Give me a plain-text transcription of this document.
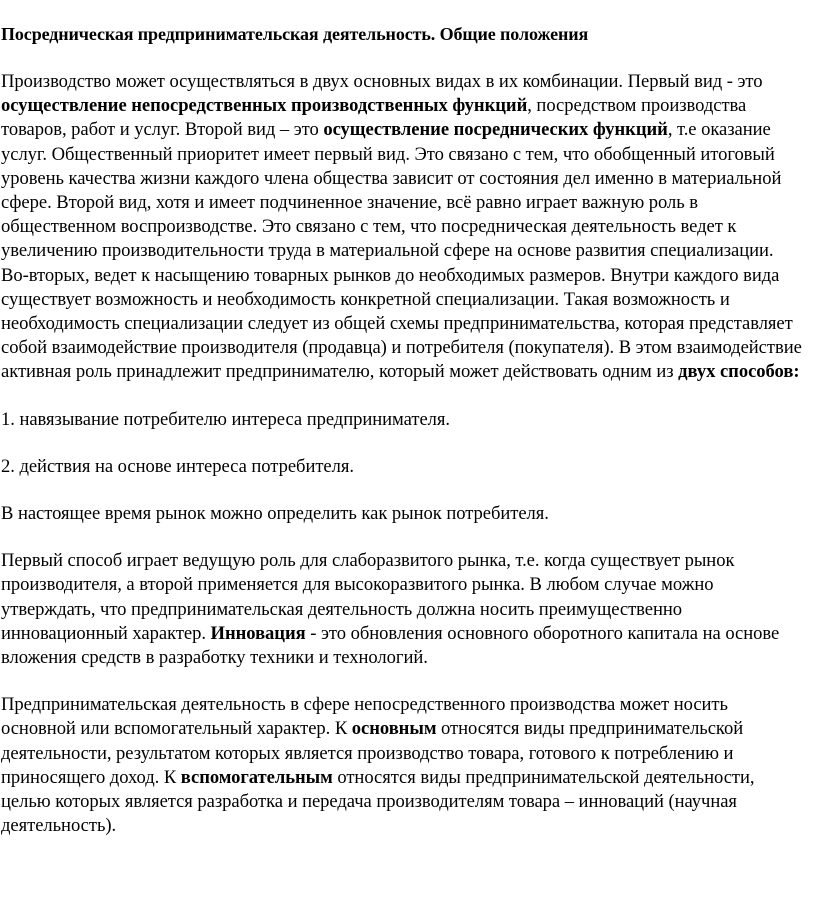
Посредническая предпринимательская деятельность. Общие положения

Производство может осуществляться в двух основных видах в их комбинации. Первый вид - это осуществление непосредственных производственных функций, посредством производства товаров, работ и услуг. Второй вид – это осуществление посреднических функций, т.е оказание услуг. Общественный приоритет имеет первый вид. Это связано с тем, что обобщенный итоговый уровень качества жизни каждого члена общества зависит от состояния дел именно в материальной сфере. Второй вид, хотя и имеет подчиненное значение, всё равно играет важную роль в общественном воспроизводстве. Это связано с тем, что посредническая деятельность ведет к увеличению производительности труда в материальной сфере на основе развития специализации. Во-вторых, ведет к насыщению товарных рынков до необходимых размеров. Внутри каждого вида существует возможность и необходимость конкретной специализации. Такая возможность и необходимость специализации следует из общей схемы предпринимательства, которая представляет собой взаимодействие производителя (продавца) и потребителя (покупателя). В этом взаимодействие активная роль принадлежит предпринимателю, который может действовать одним из двух способов:

1. навязывание потребителю интереса предпринимателя.

2. действия на основе интереса потребителя.

В настоящее время рынок можно определить как рынок потребителя.

Первый способ играет ведущую роль для слаборазвитого рынка, т.е. когда существует рынок производителя, а второй применяется для высокоразвитого рынка. В любом случае можно утверждать, что предпринимательская деятельность должна носить преимущественно инновационный характер. Инновация - это обновления основного оборотного капитала на основе вложения средств в разработку техники и технологий.

Предпринимательская деятельность в сфере непосредственного производства может носить основной или вспомогательный характер. К основным относятся виды предпринимательской деятельности, результатом которых является производство товара, готового к потреблению и приносящего доход. К вспомогательным относятся виды предпринимательской деятельности, целью которых является разработка и передача производителям товара – инноваций (научная деятельность).
